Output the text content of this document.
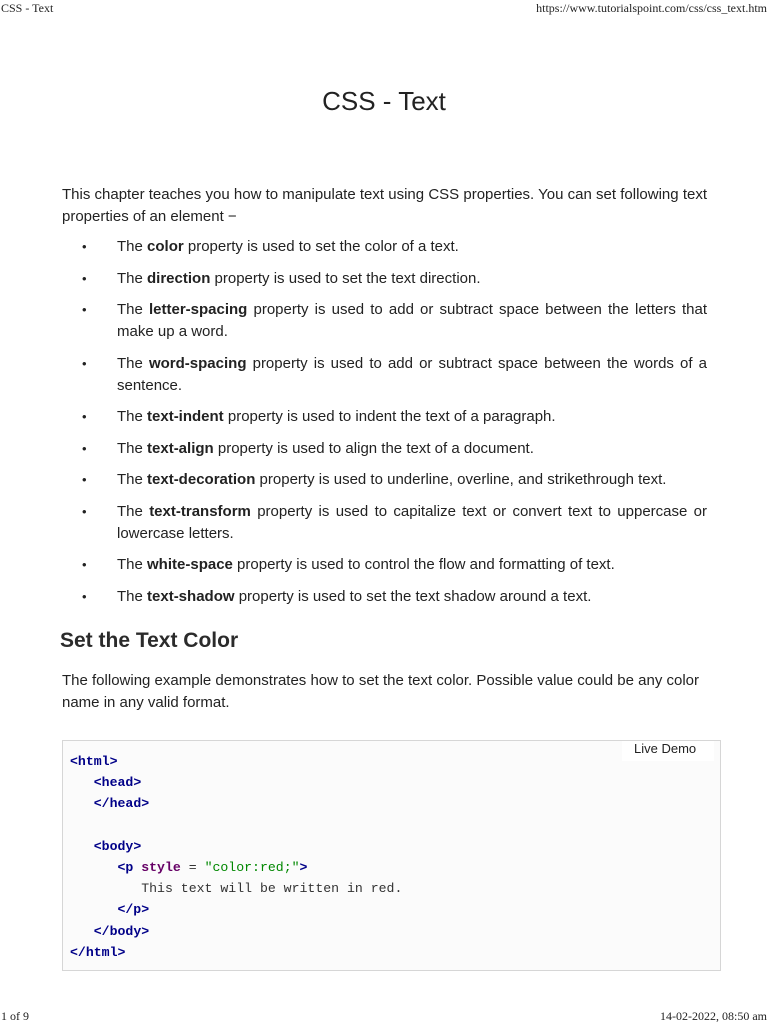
CSS - Text	https://www.tutorialspoint.com/css/css_text.htm
CSS - Text

This chapter teaches you how to manipulate text using CSS properties. You can set following text properties of an element −

• The color property is used to set the color of a text.
• The direction property is used to set the text direction.
• The letter-spacing property is used to add or subtract space between the letters that make up a word.
• The word-spacing property is used to add or subtract space between the words of a sentence.
• The text-indent property is used to indent the text of a paragraph.
• The text-align property is used to align the text of a document.
• The text-decoration property is used to underline, overline, and strikethrough text.
• The text-transform property is used to capitalize text or convert text to uppercase or lowercase letters.
• The white-space property is used to control the flow and formatting of text.
• The text-shadow property is used to set the text shadow around a text.
Set the Text Color

The following example demonstrates how to set the text color. Possible value could be any color name in any valid format.

Live Demo
<html>
<head>
</head>

<body>
<p style = "color:red;">
This text will be written in red.
</p>
</body>
</html>
1 of 9	14-02-2022, 08:50 am
